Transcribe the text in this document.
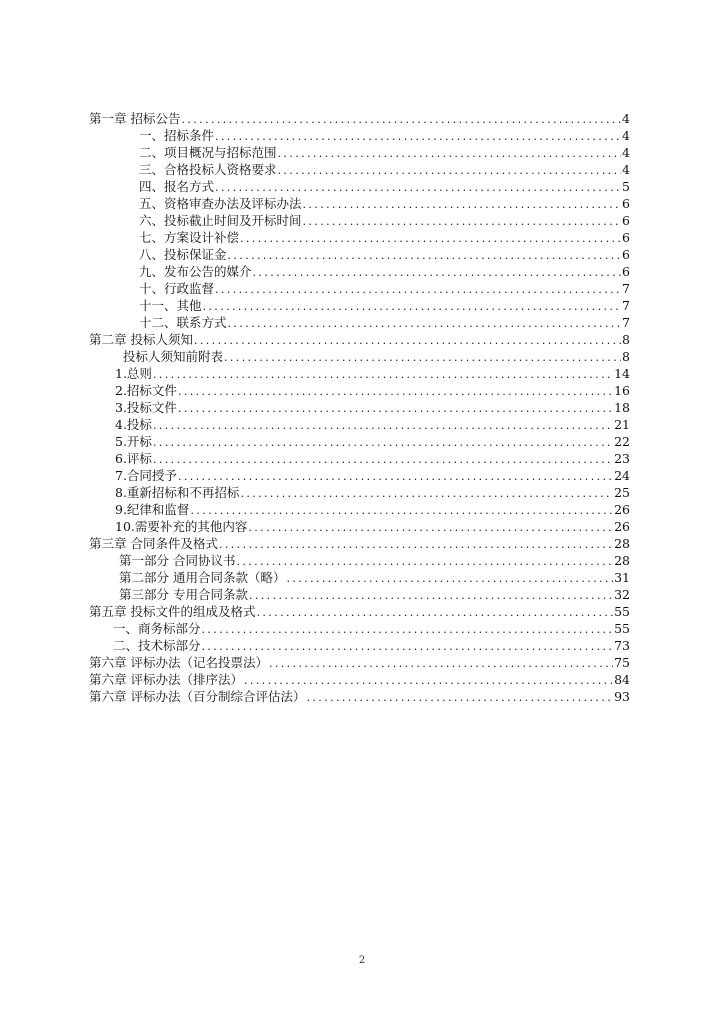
第一章 招标公告 .....	4
一、招标条件 .....	4
二、项目概况与招标范围 .....	4
三、合格投标人资格要求 .....	4
四、报名方式 .....	5
五、资格审查办法及评标办法 .....	6
六、投标截止时间及开标时间 .....	6
七、方案设计补偿 .....	6
八、投标保证金 .....	6
九、发布公告的媒介 .....	6
十、行政监督 .....	7
十一、其他 .....	7
十二、联系方式 .....	7
第二章 投标人须知 .....	8
投标人须知前附表 .....	8
1.总则 .....	14
2.招标文件 .....	16
3.投标文件 .....	18
4.投标 .....	21
5.开标 .....	22
6.评标 .....	23
7.合同授予 .....	24
8.重新招标和不再招标 .....	25
9.纪律和监督 .....	26
10.需要补充的其他内容 .....	26
第三章 合同条件及格式 .....	28
第一部分 合同协议书 .....	28
第二部分 通用合同条款（略） .....	31
第三部分 专用合同条款 .....	32
第五章 投标文件的组成及格式 .....	55
一、商务标部分 .....	55
二、技术标部分 .....	73
第六章 评标办法（记名投票法） .....	75
第六章 评标办法（排序法） .....	84
第六章 评标办法（百分制综合评估法） .....	93
2
